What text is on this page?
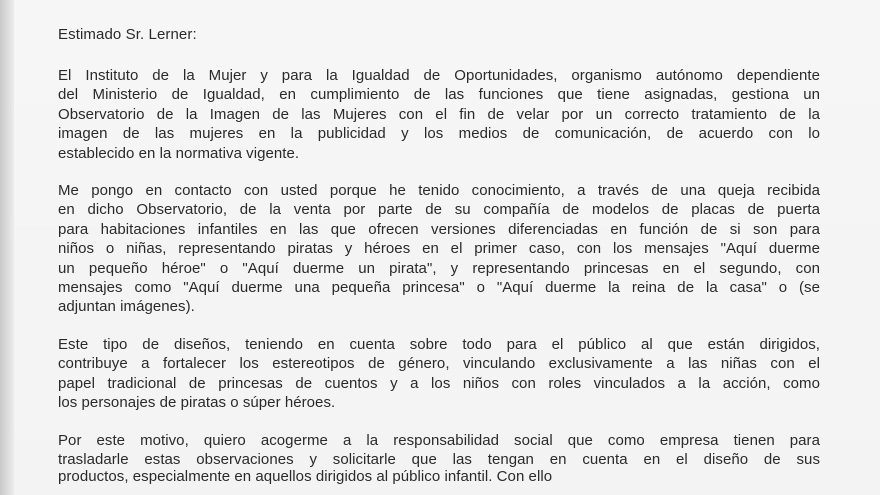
Estimado Sr. Lerner:
El Instituto de la Mujer y para la Igualdad de Oportunidades, organismo autónomo dependiente
del Ministerio de Igualdad, en cumplimiento de las funciones que tiene asignadas, gestiona un
Observatorio de la Imagen de las Mujeres con el fin de velar por un correcto tratamiento de la
imagen de las mujeres en la publicidad y los medios de comunicación, de acuerdo con lo
establecido en la normativa vigente.
Me pongo en contacto con usted porque he tenido conocimiento, a través de una queja recibida
en dicho Observatorio, de la venta por parte de su compañía de modelos de placas de puerta
para habitaciones infantiles en las que ofrecen versiones diferenciadas en función de si son para
niños o niñas, representando piratas y héroes en el primer caso, con los mensajes "Aquí duerme
un pequeño héroe" o "Aquí duerme un pirata", y representando princesas en el segundo, con
mensajes como "Aquí duerme una pequeña princesa" o "Aquí duerme la reina de la casa" o (se
adjuntan imágenes).
Este tipo de diseños, teniendo en cuenta sobre todo para el público al que están dirigidos,
contribuye a fortalecer los estereotipos de género, vinculando exclusivamente a las niñas con el
papel tradicional de princesas de cuentos y a los niños con roles vinculados a la acción, como
los personajes de piratas o súper héroes.
Por este motivo, quiero acogerme a la responsabilidad social que como empresa tienen para
trasladarle estas observaciones y solicitarle que las tengan en cuenta en el diseño de sus
productos, especialmente en aquellos dirigidos al público infantil. Con ello
